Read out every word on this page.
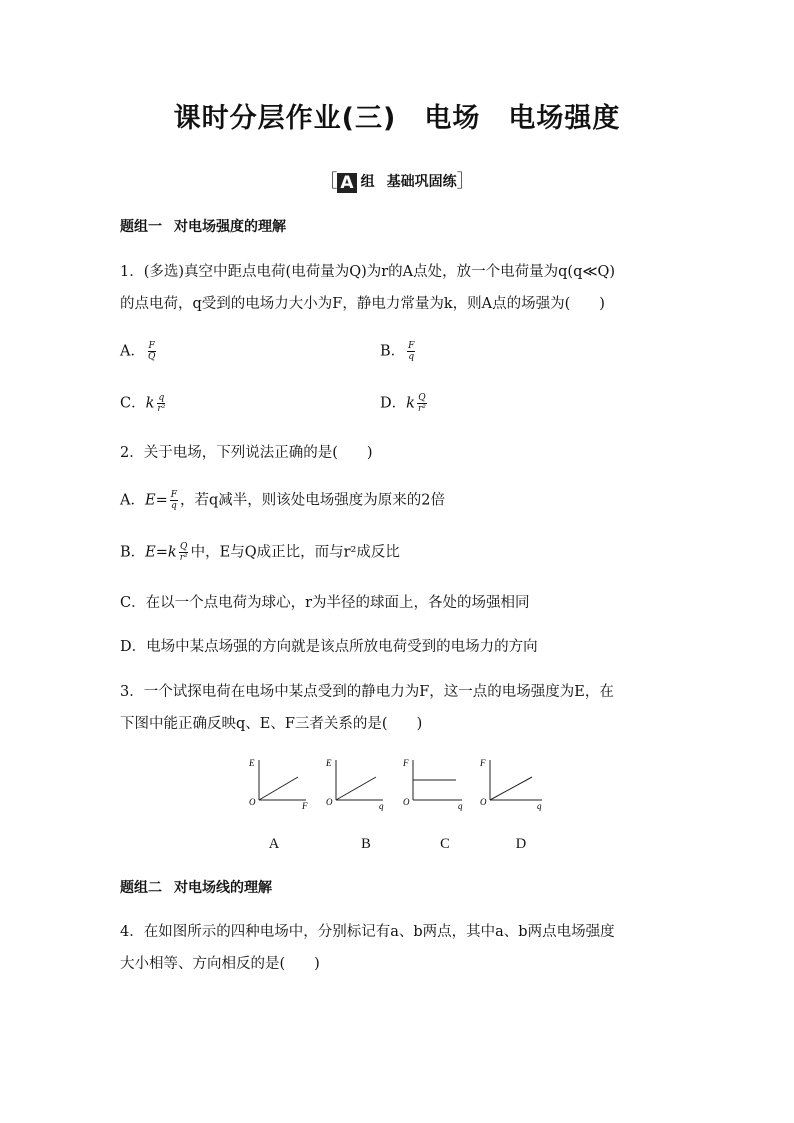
课时分层作业(三)　电场　电场强度
［ A 组 基础巩固练］
题组一 对电场强度的理解
1．(多选)真空中距点电荷(电荷量为Q)为r的A点处，放一个电荷量为q(q≪Q)
的点电荷，q受到的电场力大小为F，静电力常量为k，则A点的场强为(　　)
A． $\frac{F}{Q}$	B． $\frac{F}{q}$
C．k $\frac{q}{\text{r²}}$	D．k $\frac{Q}{\text{r²}}$
2．关于电场，下列说法正确的是(　　)
A．$E= \frac{F}{q}$ ，若q减半，则该处电场强度为原来的2倍
B．$E=k \frac{Q}{\text{r²}}$ 中，E与Q成正比，而与r²成反比
C．在以一个点电荷为球心，r为半径的球面上，各处的场强相同
D．电场中某点场强的方向就是该点所放电荷受到的电场力的方向
3．一个试探电荷在电场中某点受到的静电力为F，这一点的电场强度为E，在
下图中能正确反映q、E、F三者关系的是(　　)
E
O	F
E
O	q
F
O	q
F
O	q
A	B	C	D
题组二 对电场线的理解
4．在如图所示的四种电场中，分别标记有a、b两点，其中a、b两点电场强度
大小相等、方向相反的是(　　)
